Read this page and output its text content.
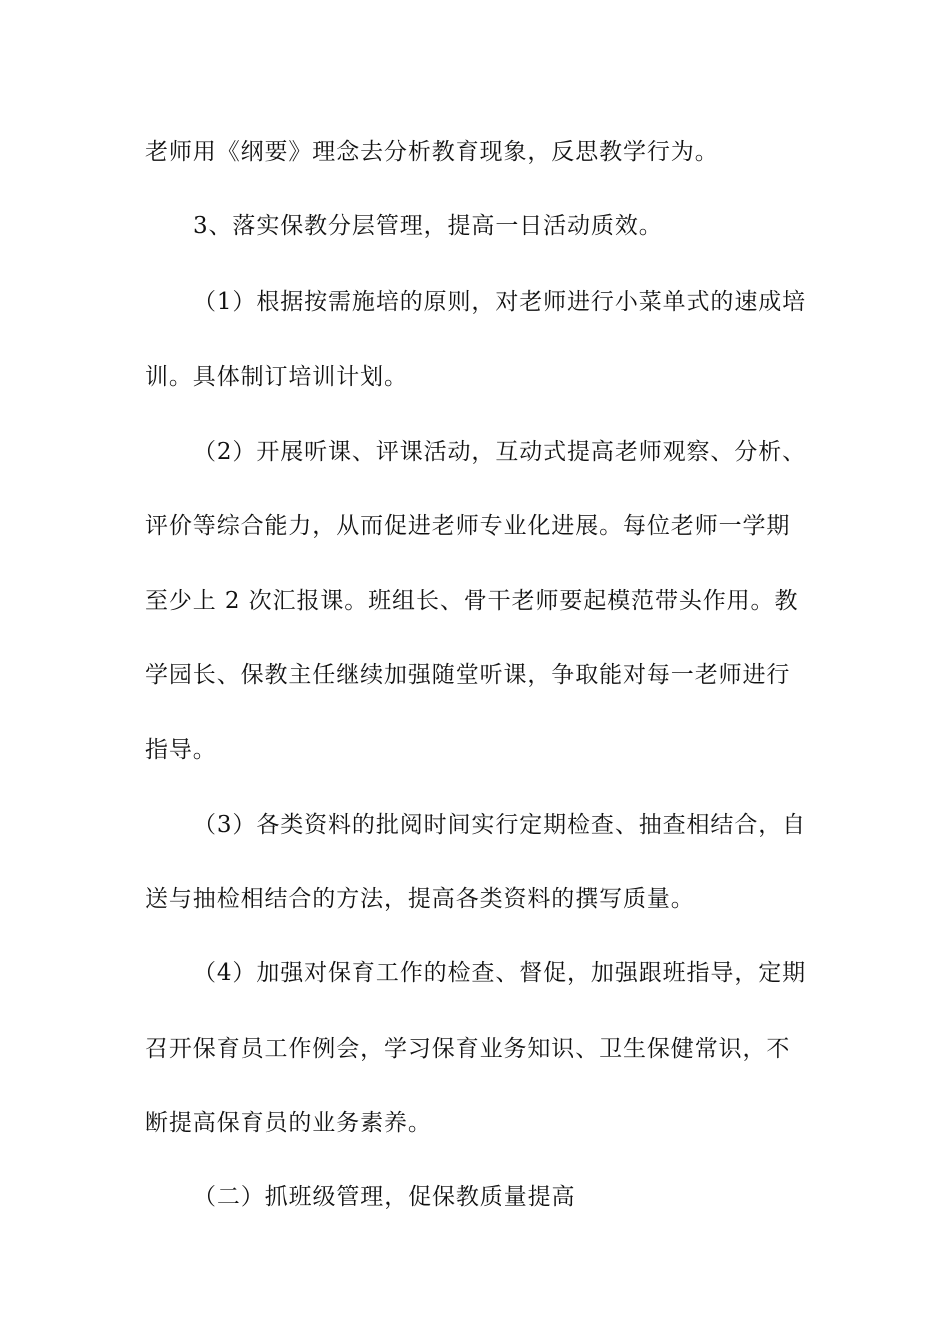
老师用《纲要》理念去分析教育现象，反思教学行为。
3、落实保教分层管理，提高一日活动质效。
（1）根据按需施培的原则，对老师进行小菜单式的速成培
训。具体制订培训计划。
（2）开展听课、评课活动，互动式提高老师观察、分析、
评价等综合能力，从而促进老师专业化进展。每位老师一学期
至少上 2 次汇报课。班组长、骨干老师要起模范带头作用。教
学园长、保教主任继续加强随堂听课，争取能对每一老师进行
指导。
（3）各类资料的批阅时间实行定期检查、抽查相结合，自
送与抽检相结合的方法，提高各类资料的撰写质量。
（4）加强对保育工作的检查、督促，加强跟班指导，定期
召开保育员工作例会，学习保育业务知识、卫生保健常识，不
断提高保育员的业务素养。
（二）抓班级管理，促保教质量提高
